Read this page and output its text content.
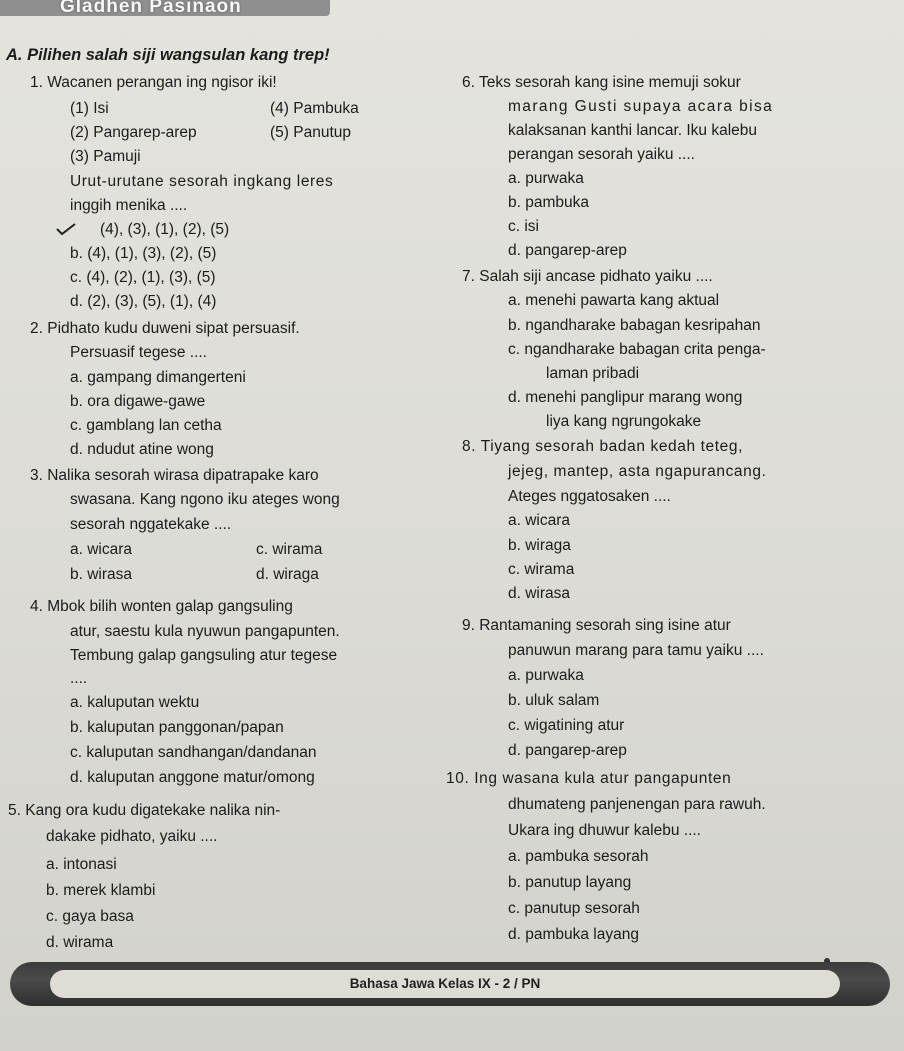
Gladhen Pasinaon
A. Pilihen salah siji wangsulan kang trep!
1. Wacanen perangan ing ngisor iki!
(1) Isi	(4) Pambuka
(2) Pangarep-arep	(5) Panutup
(3) Pamuji
Urut-urutane sesorah ingkang leres
inggih menika ....
(4), (3), (1), (2), (5)
b. (4), (1), (3), (2), (5)
c. (4), (2), (1), (3), (5)
d. (2), (3), (5), (1), (4)
2. Pidhato kudu duweni sipat persuasif.
Persuasif tegese ....
a. gampang dimangerteni
b. ora digawe-gawe
c. gamblang lan cetha
d. ndudut atine wong
3. Nalika sesorah wirasa dipatrapake karo
swasana. Kang ngono iku ateges wong
sesorah nggatekake ....
a. wicara	c. wirama
b. wirasa	d. wiraga
4. Mbok bilih wonten galap gangsuling
atur, saestu kula nyuwun pangapunten.
Tembung galap gangsuling atur tegese
....
a. kaluputan wektu
b. kaluputan panggonan/papan
c. kaluputan sandhangan/dandanan
d. kaluputan anggone matur/omong
5. Kang ora kudu digatekake nalika nin-
dakake pidhato, yaiku ....
a. intonasi
b. merek klambi
c. gaya basa
d. wirama
6. Teks sesorah kang isine memuji sokur
marang Gusti supaya acara bisa
kalaksanan kanthi lancar. Iku kalebu
perangan sesorah yaiku ....
a. purwaka
b. pambuka
c. isi
d. pangarep-arep
7. Salah siji ancase pidhato yaiku ....
a. menehi pawarta kang aktual
b. ngandharake babagan kesripahan
c. ngandharake babagan crita penga-
laman pribadi
d. menehi panglipur marang wong
liya kang ngrungokake
8. Tiyang sesorah badan kedah teteg,
jejeg, mantep, asta ngapurancang.
Ateges nggatosaken ....
a. wicara
b. wiraga
c. wirama
d. wirasa
9. Rantamaning sesorah sing isine atur
panuwun marang para tamu yaiku ....
a. purwaka
b. uluk salam
c. wigatining atur
d. pangarep-arep
10. Ing wasana kula atur pangapunten
dhumateng panjenengan para rawuh.
Ukara ing dhuwur kalebu ....
a. pambuka sesorah
b. panutup layang
c. panutup sesorah
d. pambuka layang
Bahasa Jawa Kelas IX - 2 / PN
